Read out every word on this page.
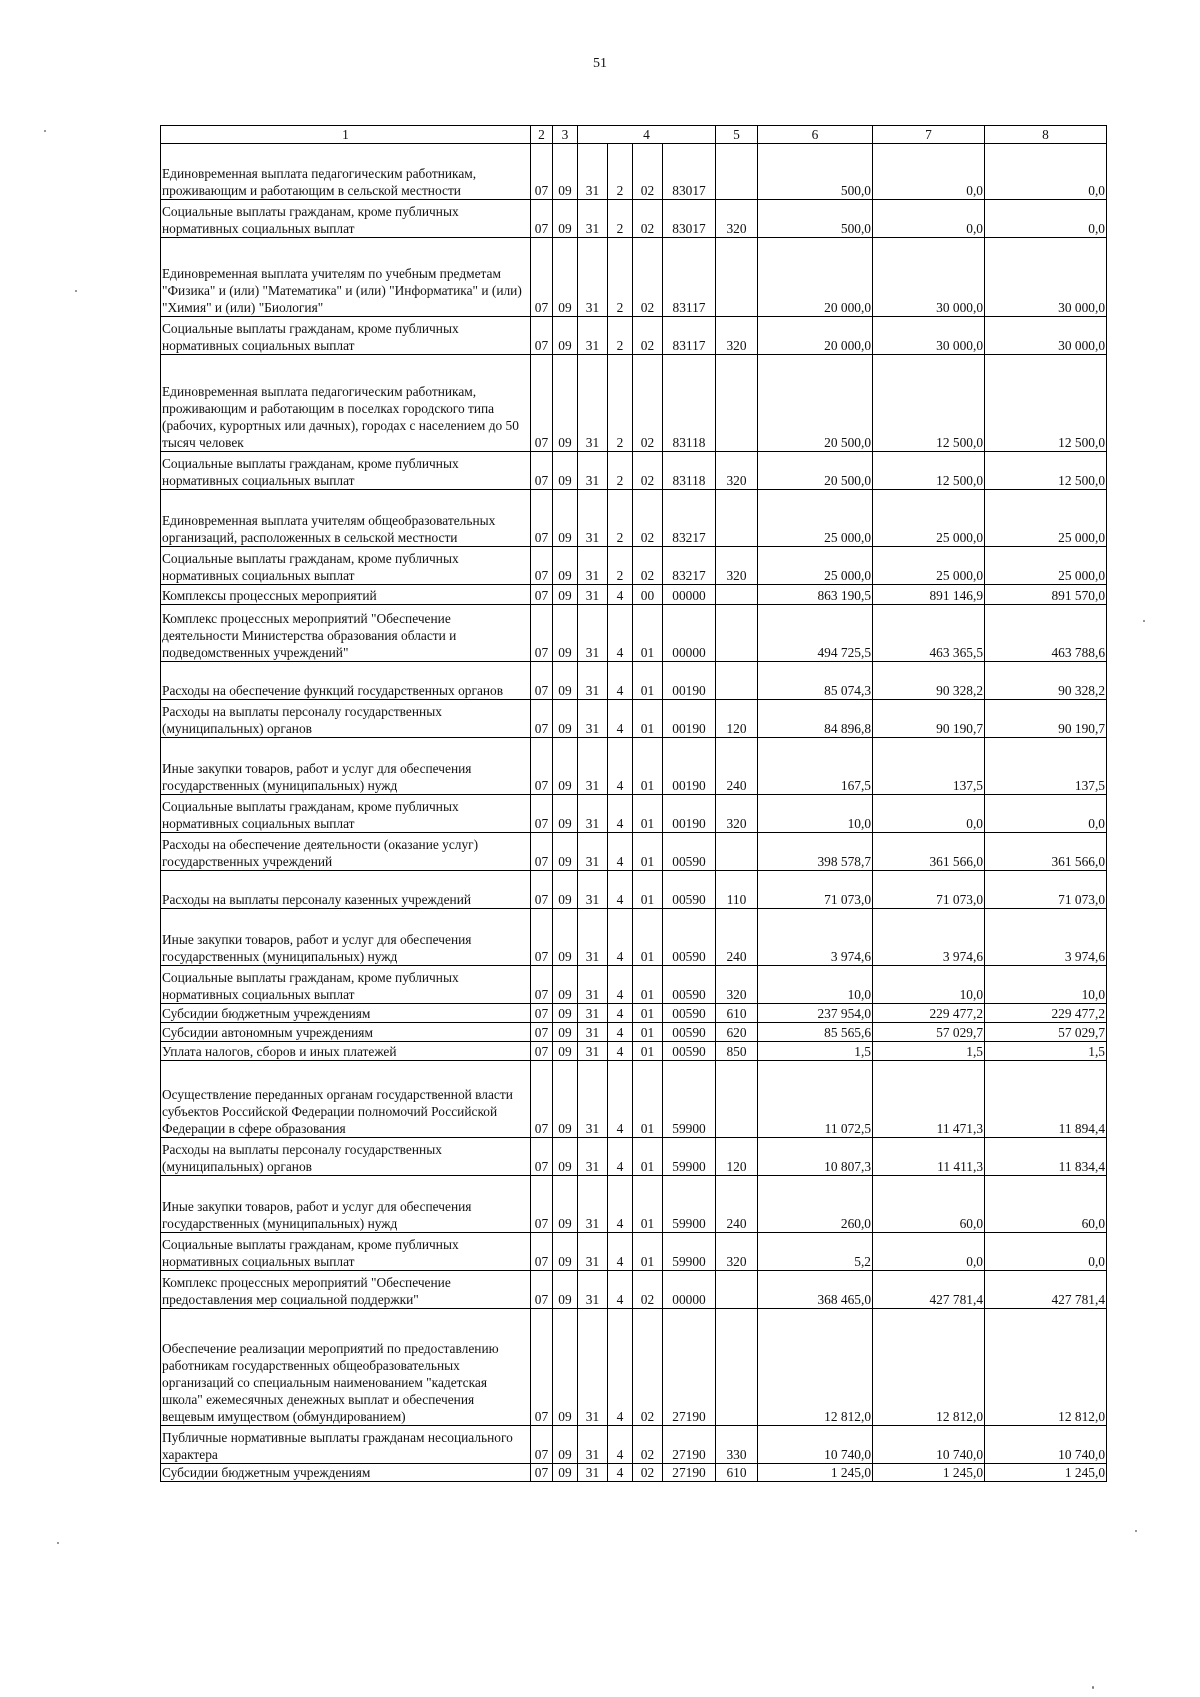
51
1	2	3	4				5	6	7	8
Единовременная выплата педагогическим работникам, проживающим и работающим в сельской местности	07	09	31	2	02	83017		500,0	0,0	0,0
Социальные выплаты гражданам, кроме публичных нормативных социальных выплат	07	09	31	2	02	83017	320	500,0	0,0	0,0
Единовременная выплата учителям по учебным предметам "Физика" и (или) "Математика" и (или) "Информатика" и (или) "Химия" и (или) "Биология"	07	09	31	2	02	83117		20 000,0	30 000,0	30 000,0
Социальные выплаты гражданам, кроме публичных нормативных социальных выплат	07	09	31	2	02	83117	320	20 000,0	30 000,0	30 000,0
Единовременная выплата педагогическим работникам, проживающим и работающим в поселках городского типа (рабочих, курортных или дачных), городах с населением до 50 тысяч человек	07	09	31	2	02	83118		20 500,0	12 500,0	12 500,0
Социальные выплаты гражданам, кроме публичных нормативных социальных выплат	07	09	31	2	02	83118	320	20 500,0	12 500,0	12 500,0
Единовременная выплата учителям общеобразовательных организаций, расположенных в сельской местности	07	09	31	2	02	83217		25 000,0	25 000,0	25 000,0
Социальные выплаты гражданам, кроме публичных нормативных социальных выплат	07	09	31	2	02	83217	320	25 000,0	25 000,0	25 000,0
Комплексы процессных мероприятий	07	09	31	4	00	00000		863 190,5	891 146,9	891 570,0
Комплекс процессных мероприятий "Обеспечение деятельности Министерства образования области и подведомственных учреждений"	07	09	31	4	01	00000		494 725,5	463 365,5	463 788,6
Расходы на обеспечение функций государственных органов	07	09	31	4	01	00190		85 074,3	90 328,2	90 328,2
Расходы на выплаты персоналу государственных (муниципальных) органов	07	09	31	4	01	00190	120	84 896,8	90 190,7	90 190,7
Иные закупки товаров, работ и услуг для обеспечения государственных (муниципальных) нужд	07	09	31	4	01	00190	240	167,5	137,5	137,5
Социальные выплаты гражданам, кроме публичных нормативных социальных выплат	07	09	31	4	01	00190	320	10,0	0,0	0,0
Расходы на обеспечение деятельности (оказание услуг) государственных учреждений	07	09	31	4	01	00590		398 578,7	361 566,0	361 566,0
Расходы на выплаты персоналу казенных учреждений	07	09	31	4	01	00590	110	71 073,0	71 073,0	71 073,0
Иные закупки товаров, работ и услуг для обеспечения государственных (муниципальных) нужд	07	09	31	4	01	00590	240	3 974,6	3 974,6	3 974,6
Социальные выплаты гражданам, кроме публичных нормативных социальных выплат	07	09	31	4	01	00590	320	10,0	10,0	10,0
Субсидии бюджетным учреждениям	07	09	31	4	01	00590	610	237 954,0	229 477,2	229 477,2
Субсидии автономным учреждениям	07	09	31	4	01	00590	620	85 565,6	57 029,7	57 029,7
Уплата налогов, сборов и иных платежей	07	09	31	4	01	00590	850	1,5	1,5	1,5
Осуществление переданных органам государственной власти субъектов Российской Федерации полномочий Российской Федерации в сфере образования	07	09	31	4	01	59900		11 072,5	11 471,3	11 894,4
Расходы на выплаты персоналу государственных (муниципальных) органов	07	09	31	4	01	59900	120	10 807,3	11 411,3	11 834,4
Иные закупки товаров, работ и услуг для обеспечения государственных (муниципальных) нужд	07	09	31	4	01	59900	240	260,0	60,0	60,0
Социальные выплаты гражданам, кроме публичных нормативных социальных выплат	07	09	31	4	01	59900	320	5,2	0,0	0,0
Комплекс процессных мероприятий "Обеспечение предоставления мер социальной поддержки"	07	09	31	4	02	00000		368 465,0	427 781,4	427 781,4
Обеспечение реализации мероприятий по предоставлению работникам государственных общеобразовательных организаций со специальным наименованием "кадетская школа" ежемесячных денежных выплат и обеспечения вещевым имуществом (обмундированием)	07	09	31	4	02	27190		12 812,0	12 812,0	12 812,0
Публичные нормативные выплаты гражданам несоциального характера	07	09	31	4	02	27190	330	10 740,0	10 740,0	10 740,0
Субсидии бюджетным учреждениям	07	09	31	4	02	27190	610	1 245,0	1 245,0	1 245,0
